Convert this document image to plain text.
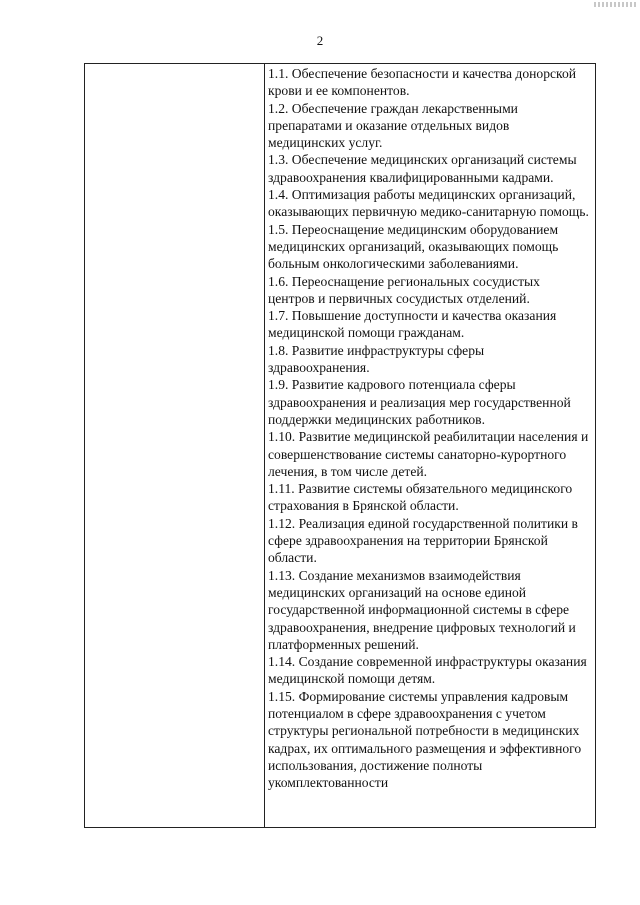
2

1.1. Обеспечение безопасности и качества донорской крови и ее компонентов.

1.2. Обеспечение граждан лекарственными препаратами и оказание отдельных видов медицинских услуг.

1.3. Обеспечение медицинских организаций системы здравоохранения квалифицированными кадрами.

1.4. Оптимизация работы медицинских организаций, оказывающих первичную медико-санитарную помощь.

1.5. Переоснащение медицинским оборудованием медицинских организаций, оказывающих помощь больным онкологическими заболеваниями.

1.6. Переоснащение региональных сосудистых центров и первичных сосудистых отделений.

1.7. Повышение доступности и качества оказания медицинской помощи гражданам.

1.8. Развитие инфраструктуры сферы здравоохранения.

1.9. Развитие кадрового потенциала сферы здравоохранения и реализация мер государственной поддержки медицинских работников.

1.10. Развитие медицинской реабилитации населения и совершенствование системы санаторно-курортного лечения, в том числе детей.

1.11. Развитие системы обязательного медицинского страхования в Брянской области.

1.12. Реализация единой государственной политики в сфере здравоохранения на территории Брянской области.

1.13. Создание механизмов взаимодействия медицинских организаций на основе единой государственной информационной системы в сфере здравоохранения, внедрение цифровых технологий и платформенных решений.

1.14. Создание современной инфраструктуры оказания медицинской помощи детям.

1.15. Формирование системы управления кадровым потенциалом в сфере здравоохранения с учетом структуры региональной потребности в медицинских кадрах, их оптимального размещения и эффективного использования, достижение полноты укомплектованности
